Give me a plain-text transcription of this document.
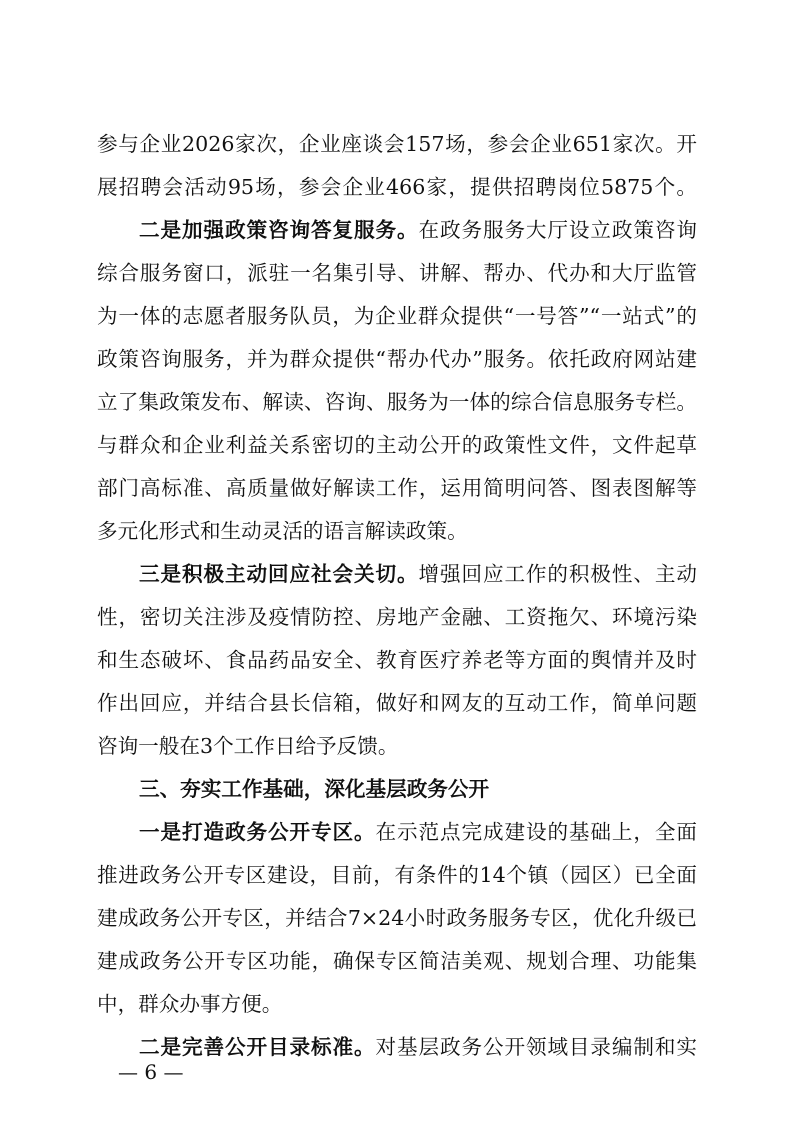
参与企业2026家次，企业座谈会157场，参会企业651家次。开
展招聘会活动95场，参会企业466家，提供招聘岗位5875个。
二是加强政策咨询答复服务。在政务服务大厅设立政策咨询
综合服务窗口，派驻一名集引导、讲解、帮办、代办和大厅监管
为一体的志愿者服务队员，为企业群众提供“一号答”“一站式”的
政策咨询服务，并为群众提供“帮办代办”服务。依托政府网站建
立了集政策发布、解读、咨询、服务为一体的综合信息服务专栏。
与群众和企业利益关系密切的主动公开的政策性文件，文件起草
部门高标准、高质量做好解读工作，运用简明问答、图表图解等
多元化形式和生动灵活的语言解读政策。
三是积极主动回应社会关切。增强回应工作的积极性、主动
性，密切关注涉及疫情防控、房地产金融、工资拖欠、环境污染
和生态破坏、食品药品安全、教育医疗养老等方面的舆情并及时
作出回应，并结合县长信箱，做好和网友的互动工作，简单问题
咨询一般在3个工作日给予反馈。
三、夯实工作基础，深化基层政务公开
一是打造政务公开专区。在示范点完成建设的基础上，全面
推进政务公开专区建设，目前，有条件的14个镇（园区）已全面
建成政务公开专区，并结合7×24小时政务服务专区，优化升级已
建成政务公开专区功能，确保专区简洁美观、规划合理、功能集
中，群众办事方便。
二是完善公开目录标准。对基层政务公开领域目录编制和实
— 6 —
